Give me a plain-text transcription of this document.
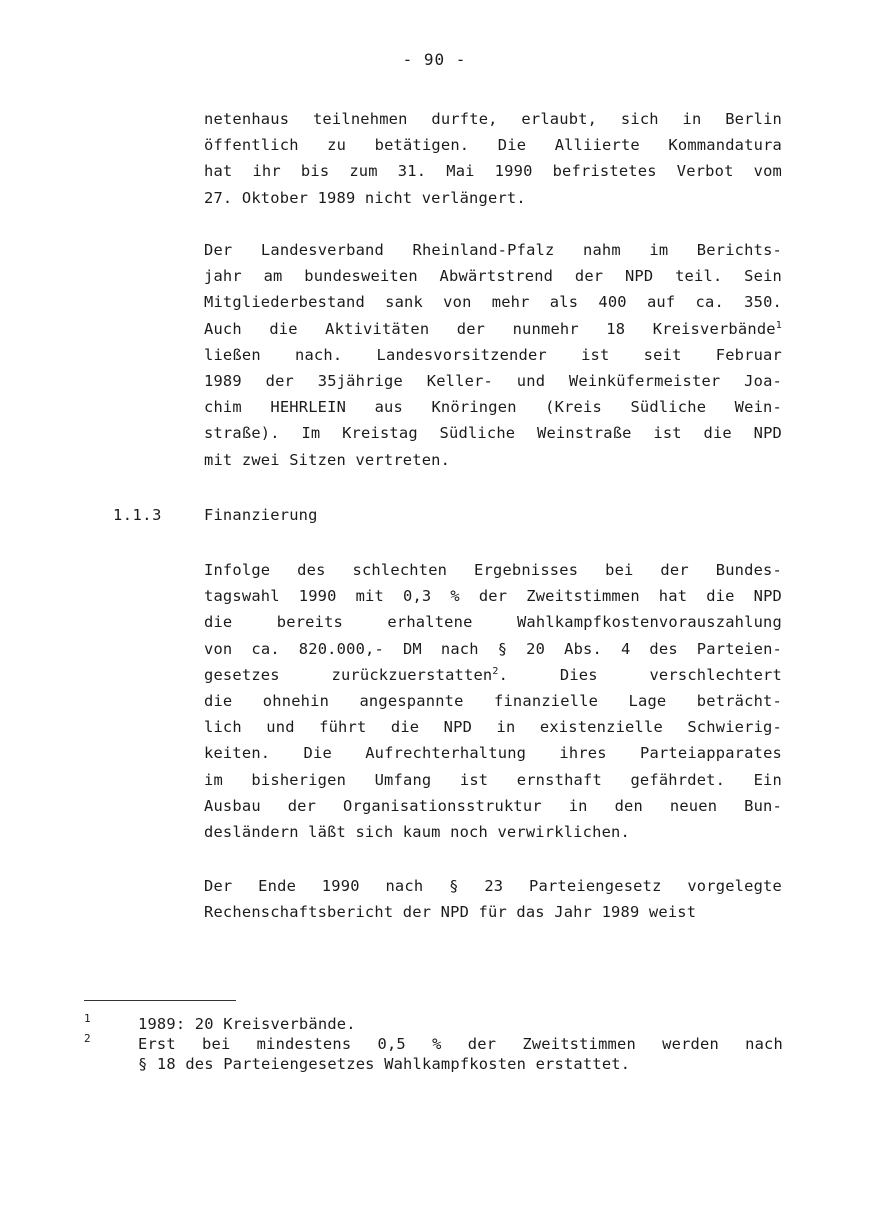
- 90 -
netenhaus teilnehmen durfte, erlaubt, sich in Berlin
öffentlich zu betätigen. Die Alliierte Kommandatura
hat ihr bis zum 31. Mai 1990 befristetes Verbot vom
27. Oktober 1989 nicht verlängert.
Der Landesverband Rheinland-Pfalz nahm im Berichts-
jahr am bundesweiten Abwärtstrend der NPD teil. Sein
Mitgliederbestand sank von mehr als 400 auf ca. 350.
Auch die Aktivitäten der nunmehr 18 Kreisverbände$^1$
ließen nach. Landesvorsitzender ist seit Februar
1989 der 35jährige Keller- und Weinküfermeister Joa-
chim HEHRLEIN aus Knöringen (Kreis Südliche Wein-
straße). Im Kreistag Südliche Weinstraße ist die NPD
mit zwei Sitzen vertreten.
1.1.3	Finanzierung
Infolge des schlechten Ergebnisses bei der Bundes-
tagswahl 1990 mit 0,3 % der Zweitstimmen hat die NPD
die bereits erhaltene Wahlkampfkostenvorauszahlung
von ca. 820.000,- DM nach § 20 Abs. 4 des Parteien-
gesetzes zurückzuerstatten$^2$. Dies verschlechtert
die ohnehin angespannte finanzielle Lage beträcht-
lich und führt die NPD in existenzielle Schwierig-
keiten. Die Aufrechterhaltung ihres Parteiapparates
im bisherigen Umfang ist ernsthaft gefährdet. Ein
Ausbau der Organisationsstruktur in den neuen Bun-
desländern läßt sich kaum noch verwirklichen.
Der Ende 1990 nach § 23 Parteiengesetz vorgelegte
Rechenschaftsbericht der NPD für das Jahr 1989 weist
1	1989: 20 Kreisverbände.
2	Erst bei mindestens 0,5 % der Zweitstimmen werden nach
§ 18 des Parteiengesetzes Wahlkampfkosten erstattet.
